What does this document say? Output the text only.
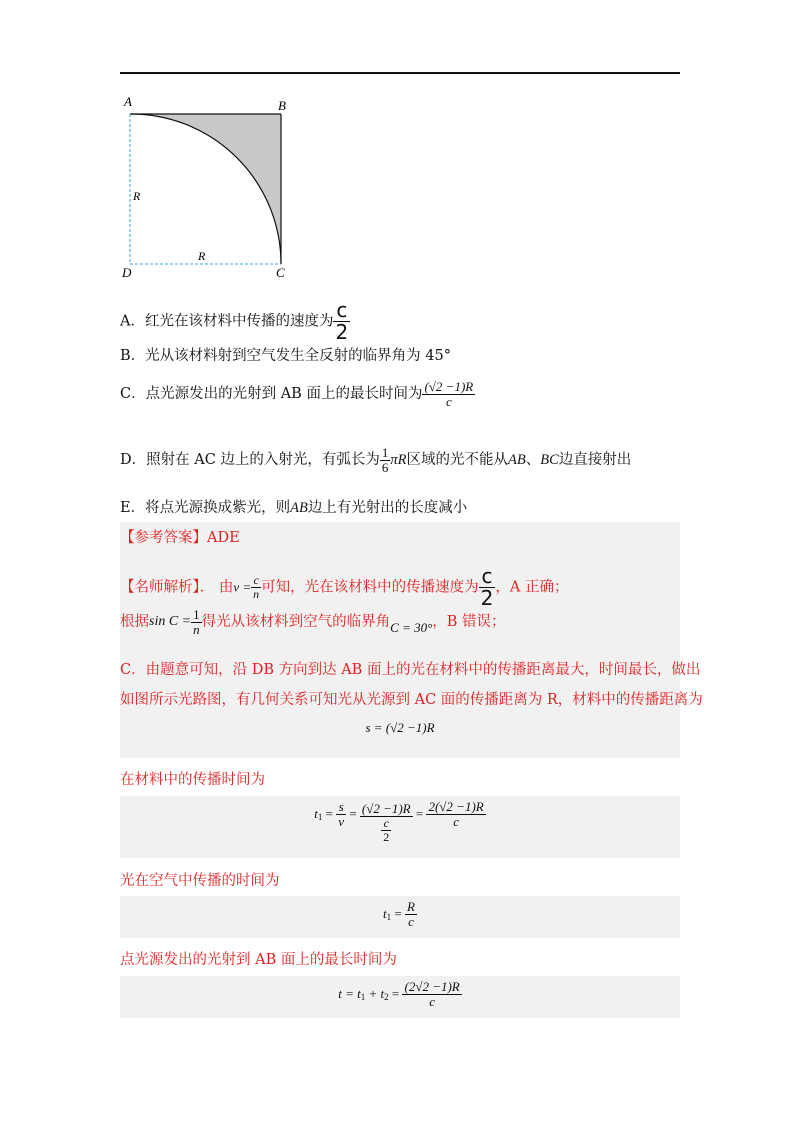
A	B
C
D
R
R
A．红光在该材料中传播的速度为 $\frac{c}{2}$
B．光从该材料射到空气发生全反射的临界角为 45°
C．点光源发出的光射到 AB 面上的最长时间为 $\frac{(√2 -1)R}{c}$
D．照射在 AC 边上的入射光，有弧长为 $\frac{1}{6}$ πR区域的光不能从AB、BC边直接射出
E．将点光源换成紫光，则AB边上有光射出的长度减小
【参考答案】ADE
【名师解析】． 由$v = \frac{c}{n}$ 可知，光在该材料中的传播速度为 $\frac{c}{2}$ ，A 正确；
根据$\sin C = \frac{1}{n}$ 得光从该材料到空气的临界角C = 30°，B 错误；
C．由题意可知，沿 DB 方向到达 AB 面上的光在材料中的传播距离最大，时间最长，做出
如图所示光路图，有几何关系可知光从光源到 AC 面的传播距离为 R，材料中的传播距离为
s = (√2 −1)R
在材料中的传播时间为
$t_1 = \frac{s}{v} = \frac{(√2 -1)R}{\frac{c}{2}} = \frac{2(√2 -1)R}{c}$
光在空气中传播的时间为
$t_1 = \frac{R}{c}$
点光源发出的光射到 AB 面上的最长时间为
$t = t_1 + t_2 = \frac{(2√2 -1)R}{c}$
